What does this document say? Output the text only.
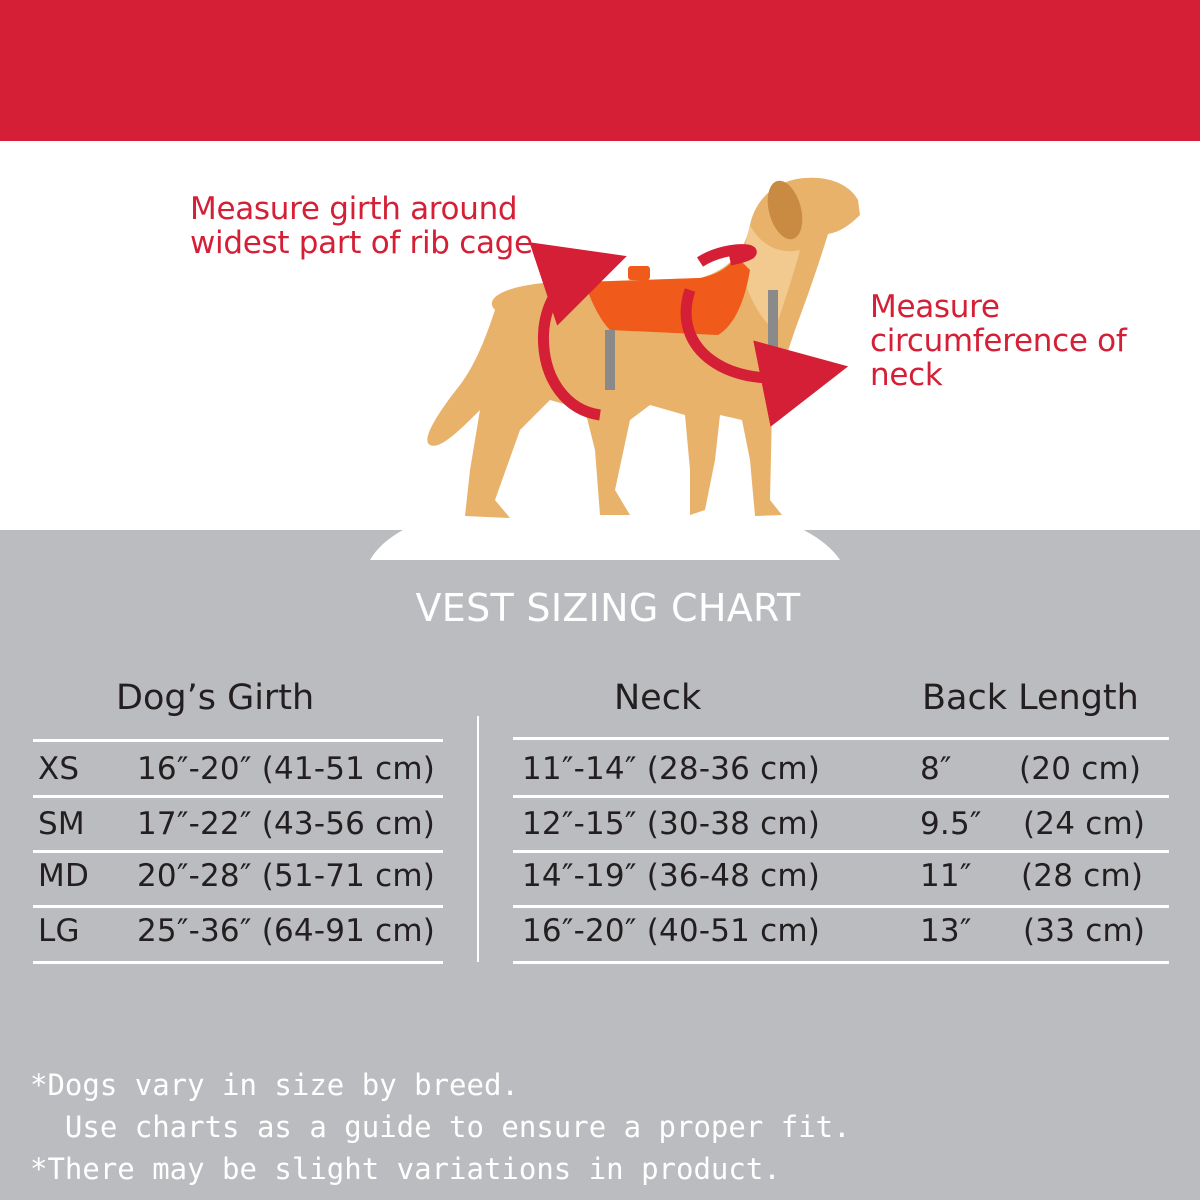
Measure girth around widest part of rib cage

Measure circumference of neck

VEST SIZING CHART
Dog’s Girth	Neck	Back Length

XS 16″-20″ (41-51 cm)	11″-14″ (28-36 cm)	8″ (20 cm)

SM 17″-22″ (43-56 cm)	12″-15″ (30-38 cm)	9.5″ (24 cm)

MD 20″-28″ (51-71 cm)	14″-19″ (36-48 cm)	11″ (28 cm)

LG 25″-36″ (64-91 cm)	16″-20″ (40-51 cm)	13″ (33 cm)

*Dogs vary in size by breed.

Use charts as a guide to ensure a proper fit.

*There may be slight variations in product.
